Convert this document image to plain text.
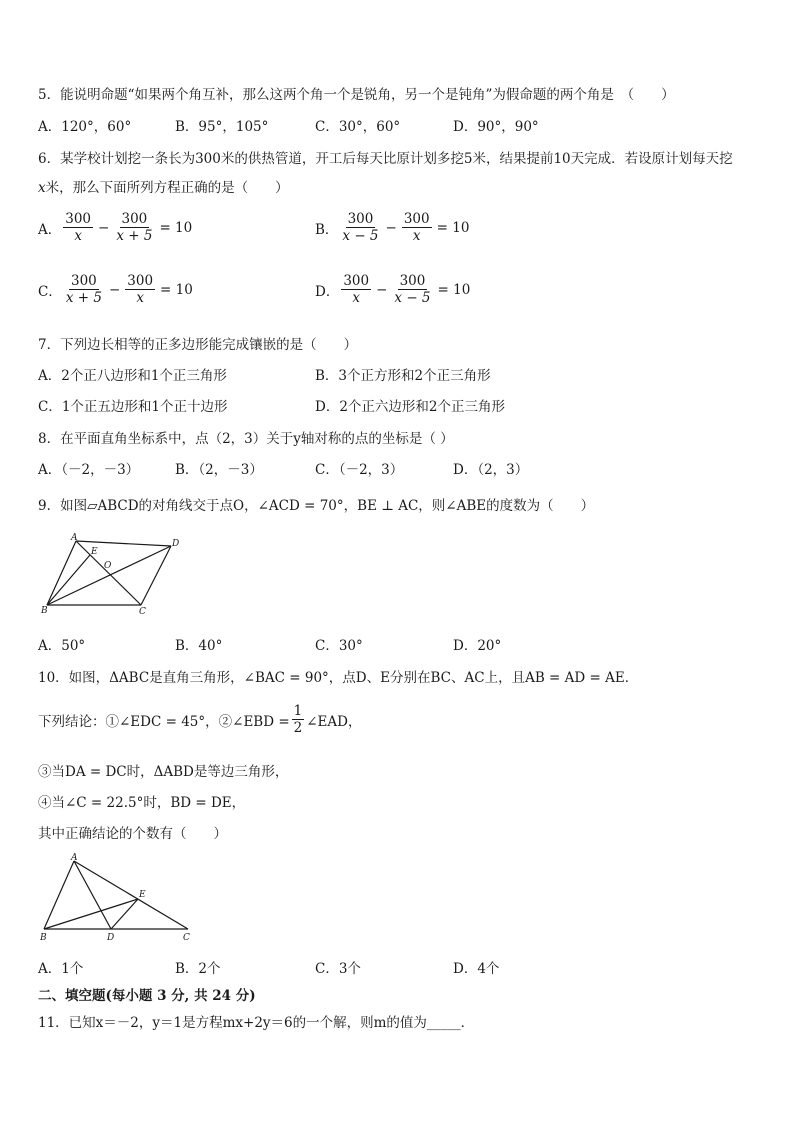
5．能说明命题“如果两个角互补，那么这两个角一个是锐角，另一个是钝角”为假命题的两个角是　（　　）
A．120°，60°	B．95°，105°	C．30°，60°	D．90°，90°
6．某学校计划挖一条长为300米的供热管道，开工后每天比原计划多挖5米，结果提前10天完成．若设原计划每天挖
x米，那么下面所列方程正确的是（　　）
A． $\frac{300}{x} - \frac{300}{x + 5} = 10$	B． $\frac{300}{x - 5} - \frac{300}{x} = 10$
C． $\frac{300}{x + 5} - \frac{300}{x} = 10$	D． $\frac{300}{x} - \frac{300}{x - 5} = 10$
7．下列边长相等的正多边形能完成镶嵌的是（　　）
A．2个正八边形和1个正三角形	B．3个正方形和2个正三角形
C．1个正五边形和1个正十边形	D．2个正六边形和2个正三角形
8．在平面直角坐标系中，点（2，3）关于y轴对称的点的坐标是（ ）
A．（－2，－3）	B．（2，－3）	C．（－2，3）	D．（2，3）
9．如图▱ABCD的对角线交于点O，∠ACD = 70°，BE ⊥ AC，则∠ABE的度数为（　　）
A
B	C
D
E
O
A．50°	B．40°	C．30°	D．20°
10．如图，ΔABC是直角三角形，∠BAC = 90°，点D、E分别在BC、AC上，且AB = AD = AE．
下列结论：①∠EDC = 45°，②∠EBD = $\frac{1}{2}$ ∠EAD，
③当DA = DC时，ΔABD是等边三角形，
④当∠C = 22.5°时，BD = DE，
其中正确结论的个数有（　　）
A
B	C
D
E
A．1个	B．2个	C．3个	D．4个
二、填空题(每小题 3 分, 共 24 分)
11．已知x＝－2，y＝1是方程mx+2y＝6的一个解，则m的值为_____．
